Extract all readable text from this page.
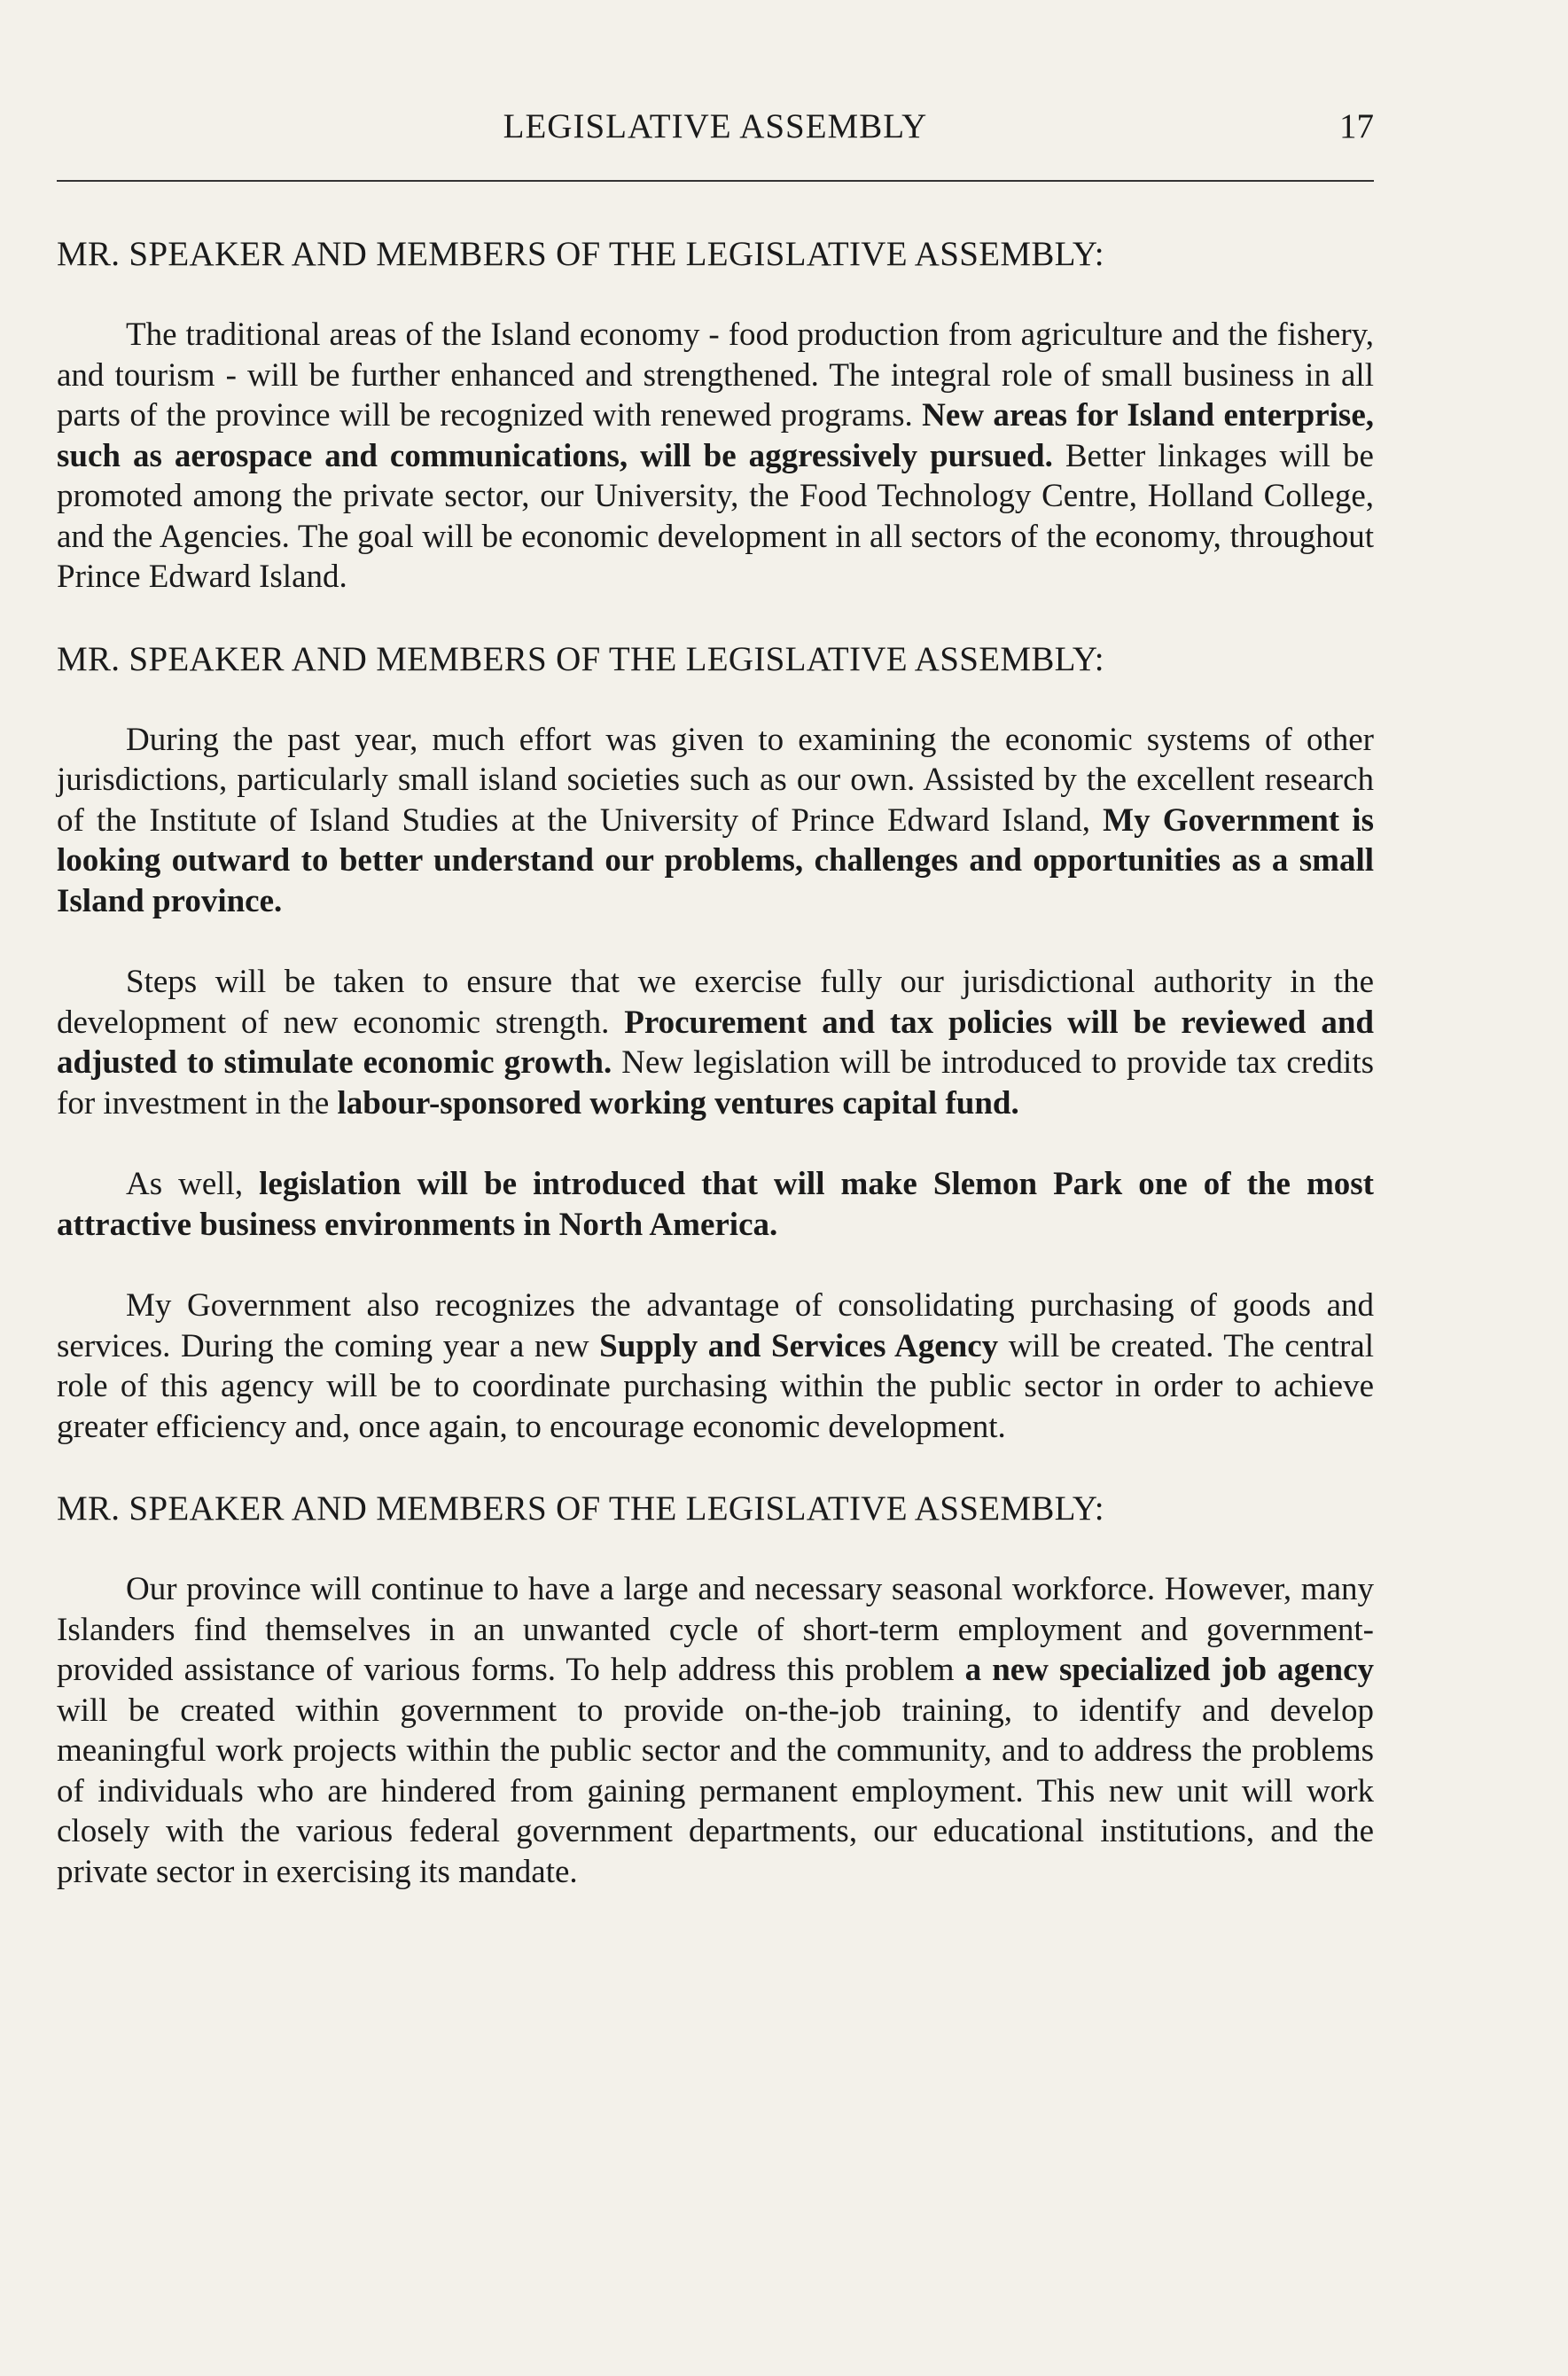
LEGISLATIVE ASSEMBLY	17

MR. SPEAKER AND MEMBERS OF THE LEGISLATIVE ASSEMBLY:

The traditional areas of the Island economy - food production from agriculture and the fishery, and tourism - will be further enhanced and strengthened. The integral role of small business in all parts of the province will be recognized with renewed programs. New areas for Island enterprise, such as aerospace and communications, will be aggressively pursued. Better linkages will be promoted among the private sector, our University, the Food Technology Centre, Holland College, and the Agencies. The goal will be economic development in all sectors of the economy, throughout Prince Edward Island.

MR. SPEAKER AND MEMBERS OF THE LEGISLATIVE ASSEMBLY:

During the past year, much effort was given to examining the economic systems of other jurisdictions, particularly small island societies such as our own. Assisted by the excellent research of the Institute of Island Studies at the University of Prince Edward Island, My Government is looking outward to better understand our problems, challenges and opportunities as a small Island province.

Steps will be taken to ensure that we exercise fully our jurisdictional authority in the development of new economic strength. Procurement and tax policies will be reviewed and adjusted to stimulate economic growth. New legislation will be introduced to provide tax credits for investment in the labour-sponsored working ventures capital fund.

As well, legislation will be introduced that will make Slemon Park one of the most attractive business environments in North America.

My Government also recognizes the advantage of consolidating purchasing of goods and services. During the coming year a new Supply and Services Agency will be created. The central role of this agency will be to coordinate purchasing within the public sector in order to achieve greater efficiency and, once again, to encourage economic development.

MR. SPEAKER AND MEMBERS OF THE LEGISLATIVE ASSEMBLY:

Our province will continue to have a large and necessary seasonal workforce. However, many Islanders find themselves in an unwanted cycle of short-term employment and government-provided assistance of various forms. To help address this problem a new specialized job agency will be created within government to provide on-the-job training, to identify and develop meaningful work projects within the public sector and the community, and to address the problems of individuals who are hindered from gaining permanent employment. This new unit will work closely with the various federal government departments, our educational institutions, and the private sector in exercising its mandate.
